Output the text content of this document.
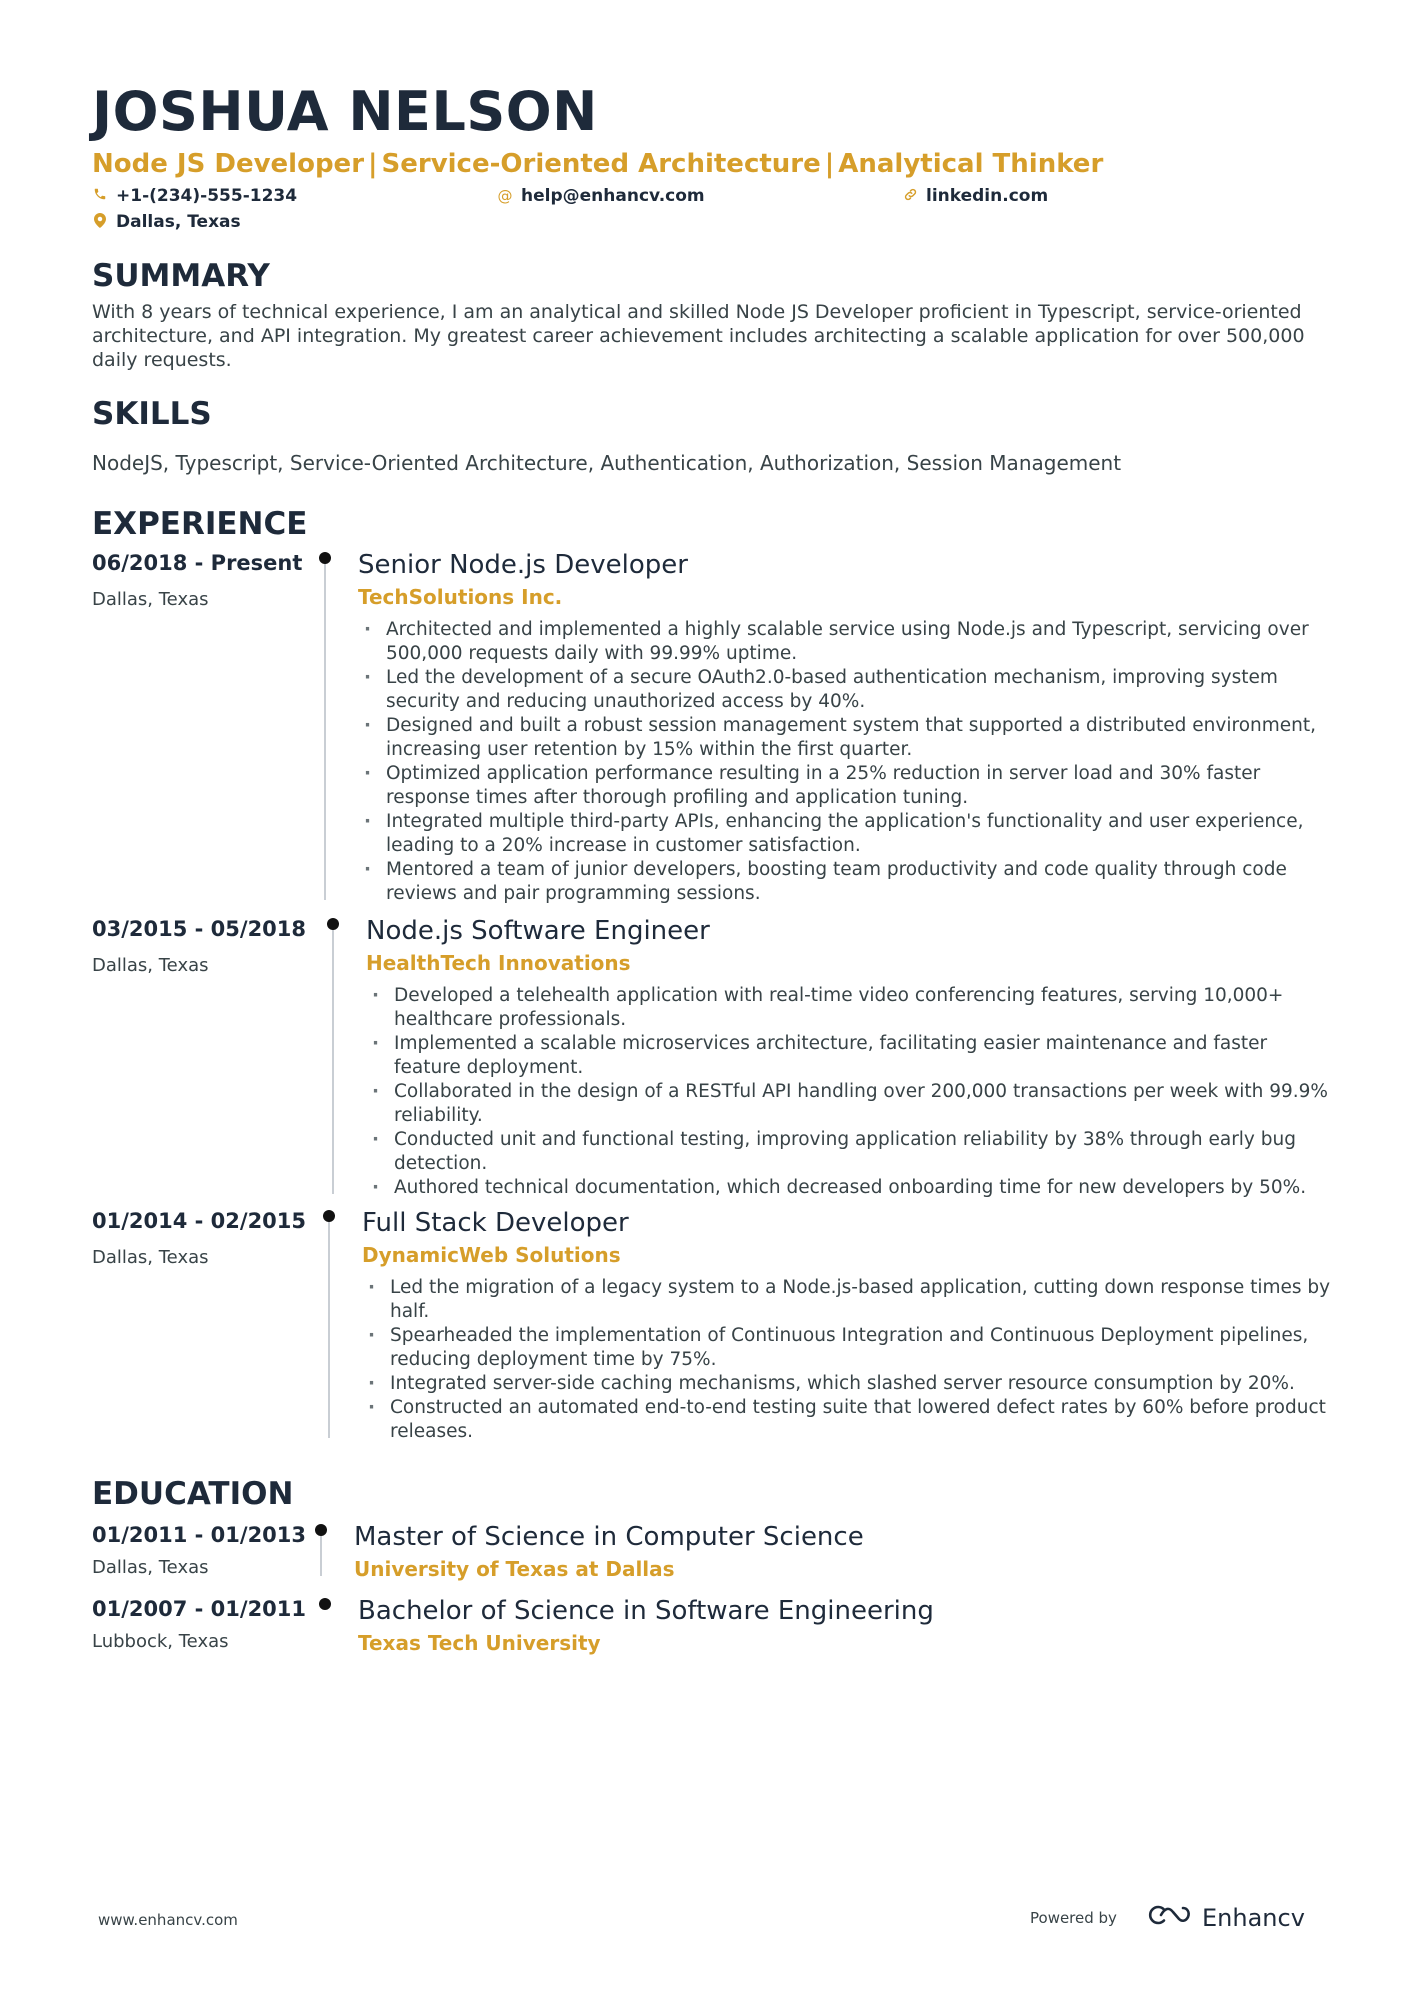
JOSHUA NELSON
Node JS Developer | Service-Oriented Architecture | Analytical Thinker
+1-(234)-555-1234	@ help@enhancv.com	linkedin.com
Dallas, Texas
SUMMARY
With 8 years of technical experience, I am an analytical and skilled Node JS Developer proficient in Typescript, service-oriented architecture, and API integration. My greatest career achievement includes architecting a scalable application for over 500,000 daily requests.
SKILLS
NodeJS, Typescript, Service-Oriented Architecture, Authentication, Authorization, Session Management
EXPERIENCE
06/2018 - Present
Dallas, Texas
Senior Node.js Developer
TechSolutions Inc.
· Architected and implemented a highly scalable service using Node.js and Typescript, servicing over 500,000 requests daily with 99.99% uptime.
· Led the development of a secure OAuth2.0-based authentication mechanism, improving system security and reducing unauthorized access by 40%.
· Designed and built a robust session management system that supported a distributed environment, increasing user retention by 15% within the first quarter.
· Optimized application performance resulting in a 25% reduction in server load and 30% faster response times after thorough profiling and application tuning.
· Integrated multiple third-party APIs, enhancing the application's functionality and user experience, leading to a 20% increase in customer satisfaction.
· Mentored a team of junior developers, boosting team productivity and code quality through code reviews and pair programming sessions.
03/2015 - 05/2018
Dallas, Texas
Node.js Software Engineer
HealthTech Innovations
· Developed a telehealth application with real-time video conferencing features, serving 10,000+ healthcare professionals.
· Implemented a scalable microservices architecture, facilitating easier maintenance and faster feature deployment.
· Collaborated in the design of a RESTful API handling over 200,000 transactions per week with 99.9% reliability.
· Conducted unit and functional testing, improving application reliability by 38% through early bug detection.
· Authored technical documentation, which decreased onboarding time for new developers by 50%.
01/2014 - 02/2015
Dallas, Texas
Full Stack Developer
DynamicWeb Solutions
· Led the migration of a legacy system to a Node.js-based application, cutting down response times by half.
· Spearheaded the implementation of Continuous Integration and Continuous Deployment pipelines, reducing deployment time by 75%.
· Integrated server-side caching mechanisms, which slashed server resource consumption by 20%.
· Constructed an automated end-to-end testing suite that lowered defect rates by 60% before product releases.
EDUCATION
01/2011 - 01/2013
Dallas, Texas
Master of Science in Computer Science
University of Texas at Dallas
01/2007 - 01/2011
Lubbock, Texas
Bachelor of Science in Software Engineering
Texas Tech University
www.enhancv.com	Powered by	Enhancv
